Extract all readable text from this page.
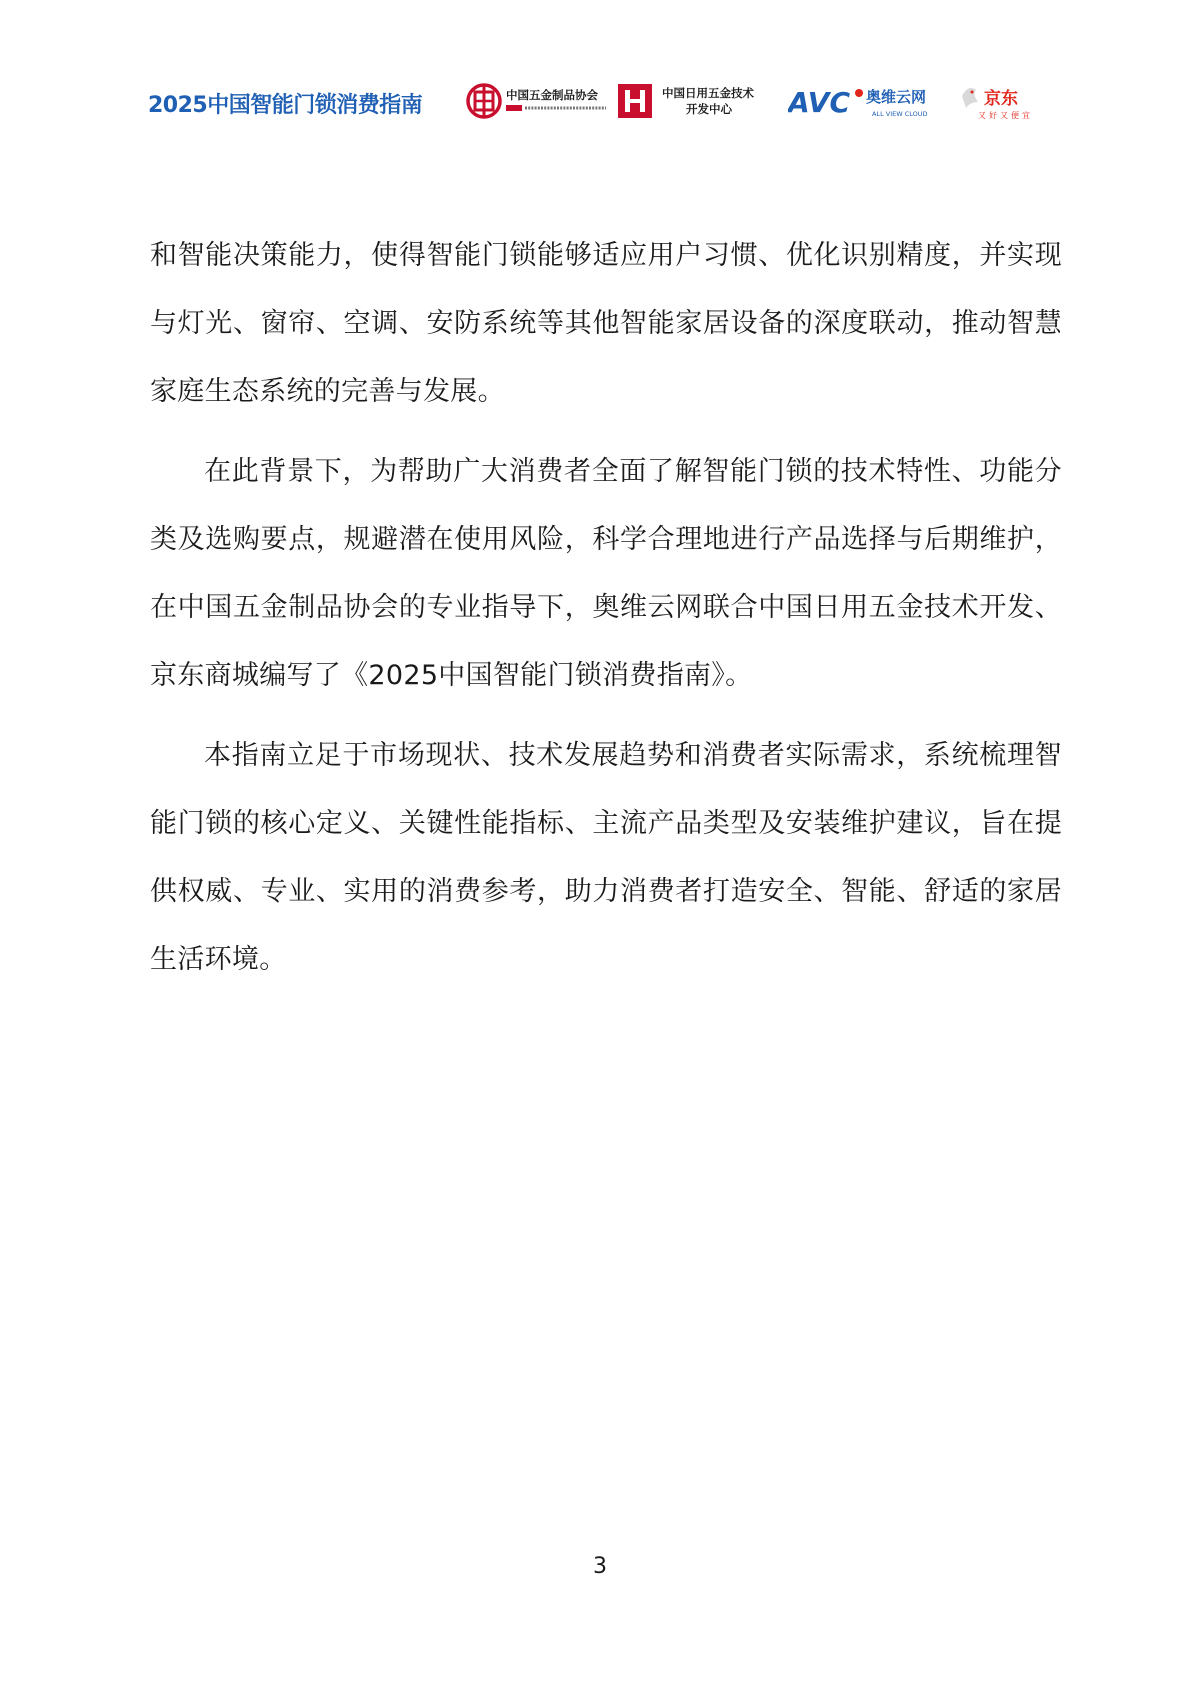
2025中国智能门锁消费指南	中国五金制品协会	中国日用五金技术
开发中心 AVC 奥维云网
ALL VIEW CLOUD
京东
又好又便宜

和智能决策能力，使得智能门锁能够适应用户习惯、优化识别精度，并实现与灯光、窗帘、空调、安防系统等其他智能家居设备的深度联动，推动智慧家庭生态系统的完善与发展。

在此背景下，为帮助广大消费者全面了解智能门锁的技术特性、功能分类及选购要点，规避潜在使用风险，科学合理地进行产品选择与后期维护，在中国五金制品协会的专业指导下，奥维云网联合中国日用五金技术开发、京东商城编写了《2025中国智能门锁消费指南》。

本指南立足于市场现状、技术发展趋势和消费者实际需求，系统梳理智能门锁的核心定义、关键性能指标、主流产品类型及安装维护建议，旨在提供权威、专业、实用的消费参考，助力消费者打造安全、智能、舒适的家居生活环境。

3
